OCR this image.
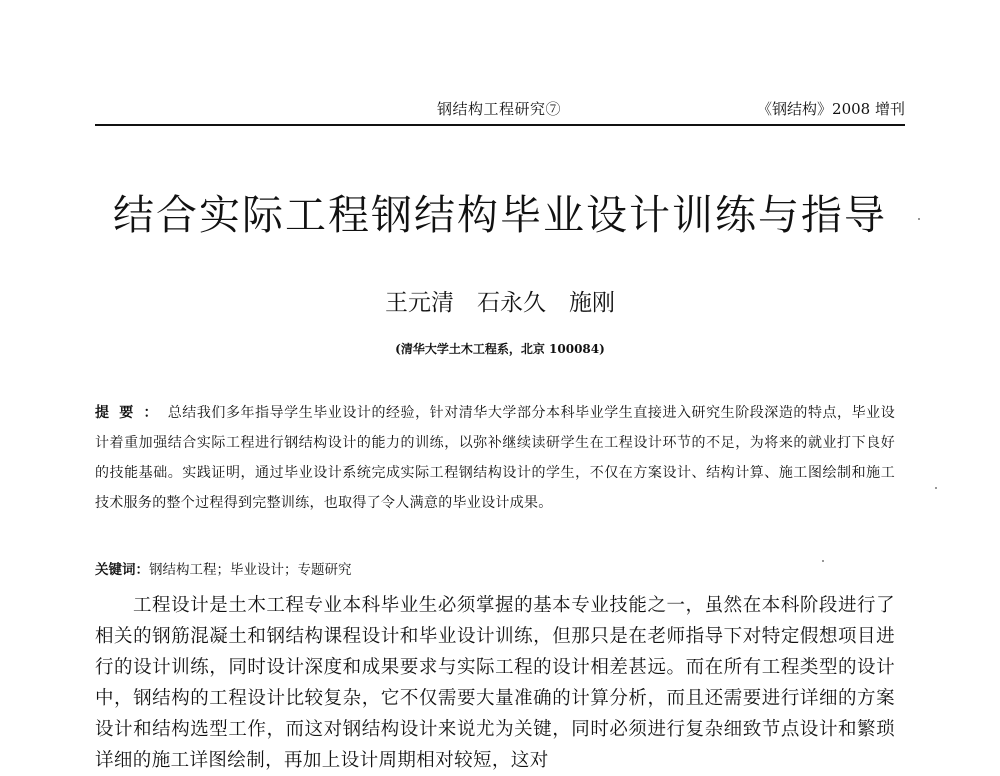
钢结构工程研究⑦	《钢结构》2008 增刊
结合实际工程钢结构毕业设计训练与指导
王元清　石永久　施刚
(清华大学土木工程系，北京 100084)
提要：总结我们多年指导学生毕业设计的经验，针对清华大学部分本科毕业学生直接进入研究生阶段深造的特点，毕业设计着重加强结合实际工程进行钢结构设计的能力的训练，以弥补继续读研学生在工程设计环节的不足，为将来的就业打下良好的技能基础。实践证明，通过毕业设计系统完成实际工程钢结构设计的学生，不仅在方案设计、结构计算、施工图绘制和施工技术服务的整个过程得到完整训练，也取得了令人满意的毕业设计成果。
关键词：钢结构工程；毕业设计；专题研究
工程设计是土木工程专业本科毕业生必须掌握的基本专业技能之一，虽然在本科阶段进行了相关的钢筋混凝土和钢结构课程设计和毕业设计训练，但那只是在老师指导下对特定假想项目进行的设计训练，同时设计深度和成果要求与实际工程的设计相差甚远。而在所有工程类型的设计中，钢结构的工程设计比较复杂，它不仅需要大量准确的计算分析，而且还需要进行详细的方案设计和结构选型工作，而这对钢结构设计来说尤为关键，同时必须进行复杂细致节点设计和繁琐详细的施工详图绘制，再加上设计周期相对较短，这对
